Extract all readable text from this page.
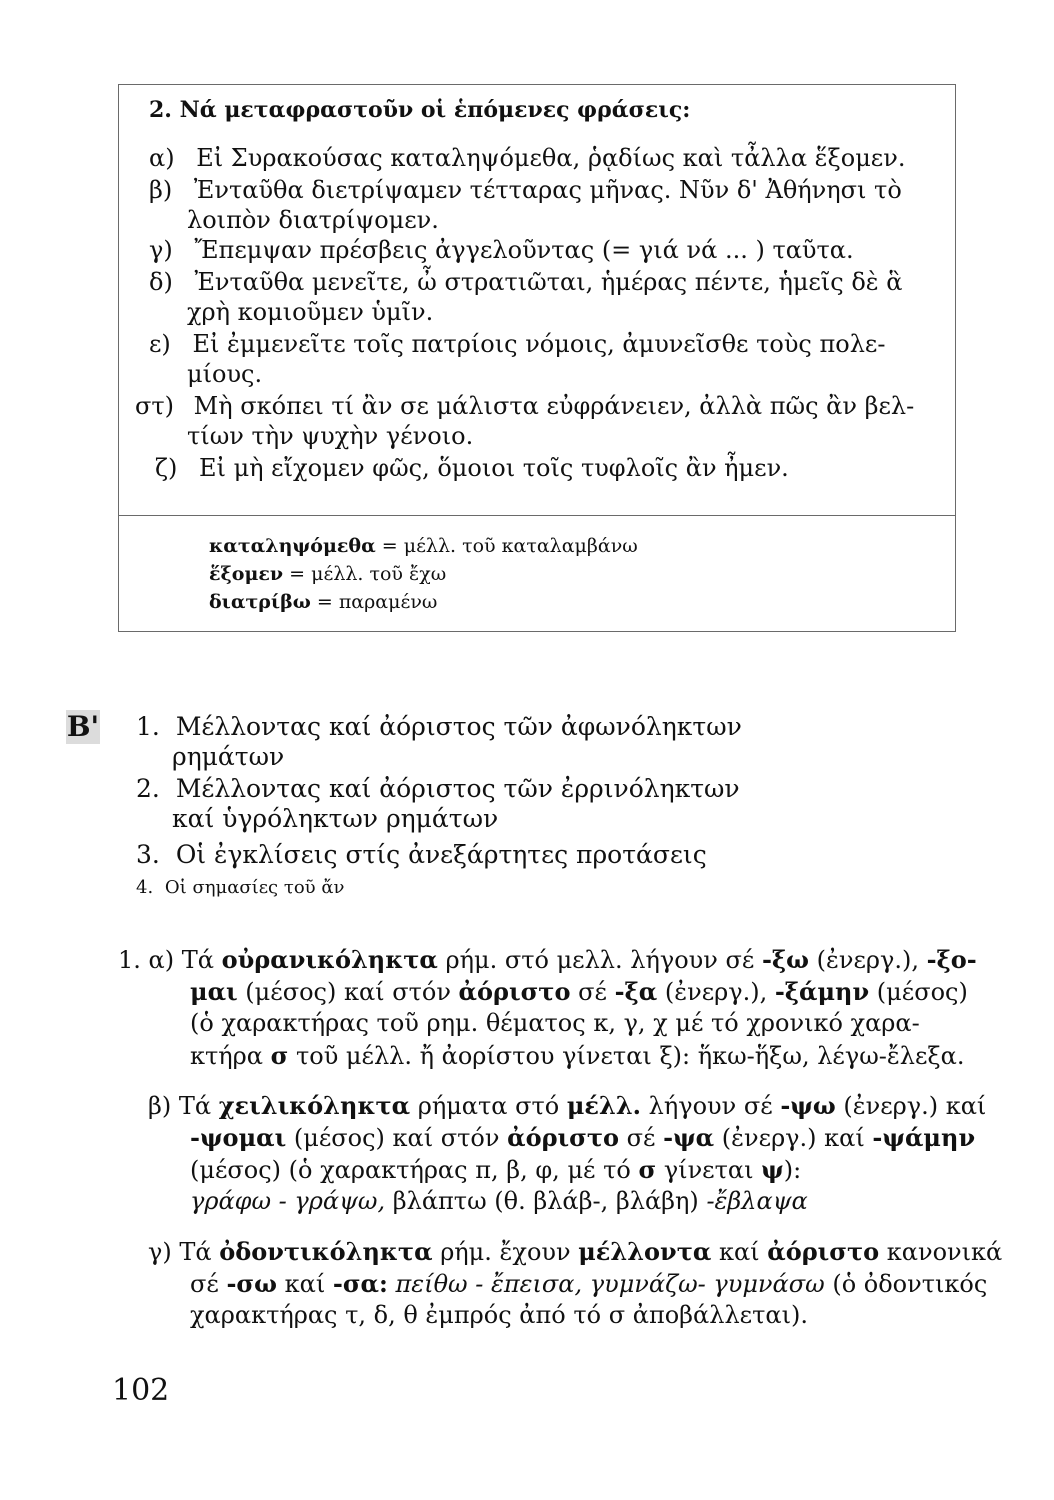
2. Νά μεταφραστοῦν οἱ ἑπόμενες φράσεις:
α) Εἰ Συρακούσας καταληψόμεθα, ῥᾳδίως καὶ τἆλλα ἕξομεν.
β) Ἐνταῦθα διετρίψαμεν τέτταρας μῆνας. Νῦν δ' Ἀθήνησι τὸ
λοιπὸν διατρίψομεν.
γ) Ἔπεμψαν πρέσβεις ἀγγελοῦντας (= γιά νά ... ) ταῦτα.
δ) Ἐνταῦθα μενεῖτε, ὦ στρατιῶται, ἡμέρας πέντε, ἡμεῖς δὲ ἃ
χρὴ κομιοῦμεν ὑμῖν.
ε) Εἰ ἐμμενεῖτε τοῖς πατρίοις νόμοις, ἀμυνεῖσθε τοὺς πολε-
μίους.
στ) Μὴ σκόπει τί ἂν σε μάλιστα εὐφράνειεν, ἀλλὰ πῶς ἂν βελ-
τίων τὴν ψυχὴν γένοιο.
ζ) Εἰ μὴ εἴχομεν φῶς, ὅμοιοι τοῖς τυφλοῖς ἂν ἦμεν.
καταληψόμεθα = μέλλ. τοῦ καταλαμβάνω
ἕξομεν = μέλλ. τοῦ ἔχω
διατρίβω = παραμένω
Β' 1. Μέλλοντας καί ἀόριστος τῶν ἀφωνόληκτων
ρημάτων
2. Μέλλοντας καί ἀόριστος τῶν ἐρρινόληκτων
καί ὑγρόληκτων ρημάτων
3. Οἱ ἐγκλίσεις στίς ἀνεξάρτητες προτάσεις
4. Οἱ σημασίες τοῦ ἄν
1. α) Τά οὐρανικόληκτα ρήμ. στό μελλ. λήγουν σέ -ξω (ἐνεργ.), -ξο-
μαι (μέσος) καί στόν ἀόριστο σέ -ξα (ἐνεργ.), -ξάμην (μέσος)
(ὁ χαρακτήρας τοῦ ρημ. θέματος κ, γ, χ μέ τό χρονικό χαρα-
κτήρα σ τοῦ μέλλ. ἤ ἀορίστου γίνεται ξ): ἥκω-ἥξω, λέγω-ἔλεξα.
β) Τά χειλικόληκτα ρήματα στό μέλλ. λήγουν σέ -ψω (ἐνεργ.) καί
-ψομαι (μέσος) καί στόν ἀόριστο σέ -ψα (ἐνεργ.) καί -ψάμην
(μέσος) (ὁ χαρακτήρας π, β, φ, μέ τό σ γίνεται ψ):
γράφω - γράψω, βλάπτω (θ. βλάβ-, βλάβη) -ἔβλαψα
γ) Τά ὀδοντικόληκτα ρήμ. ἔχουν μέλλοντα καί ἀόριστο κανονικά
σέ -σω καί -σα: πείθω - ἔπεισα, γυμνάζω- γυμνάσω (ὁ ὀδοντικός
χαρακτήρας τ, δ, θ ἐμπρός ἀπό τό σ ἀποβάλλεται).
102
